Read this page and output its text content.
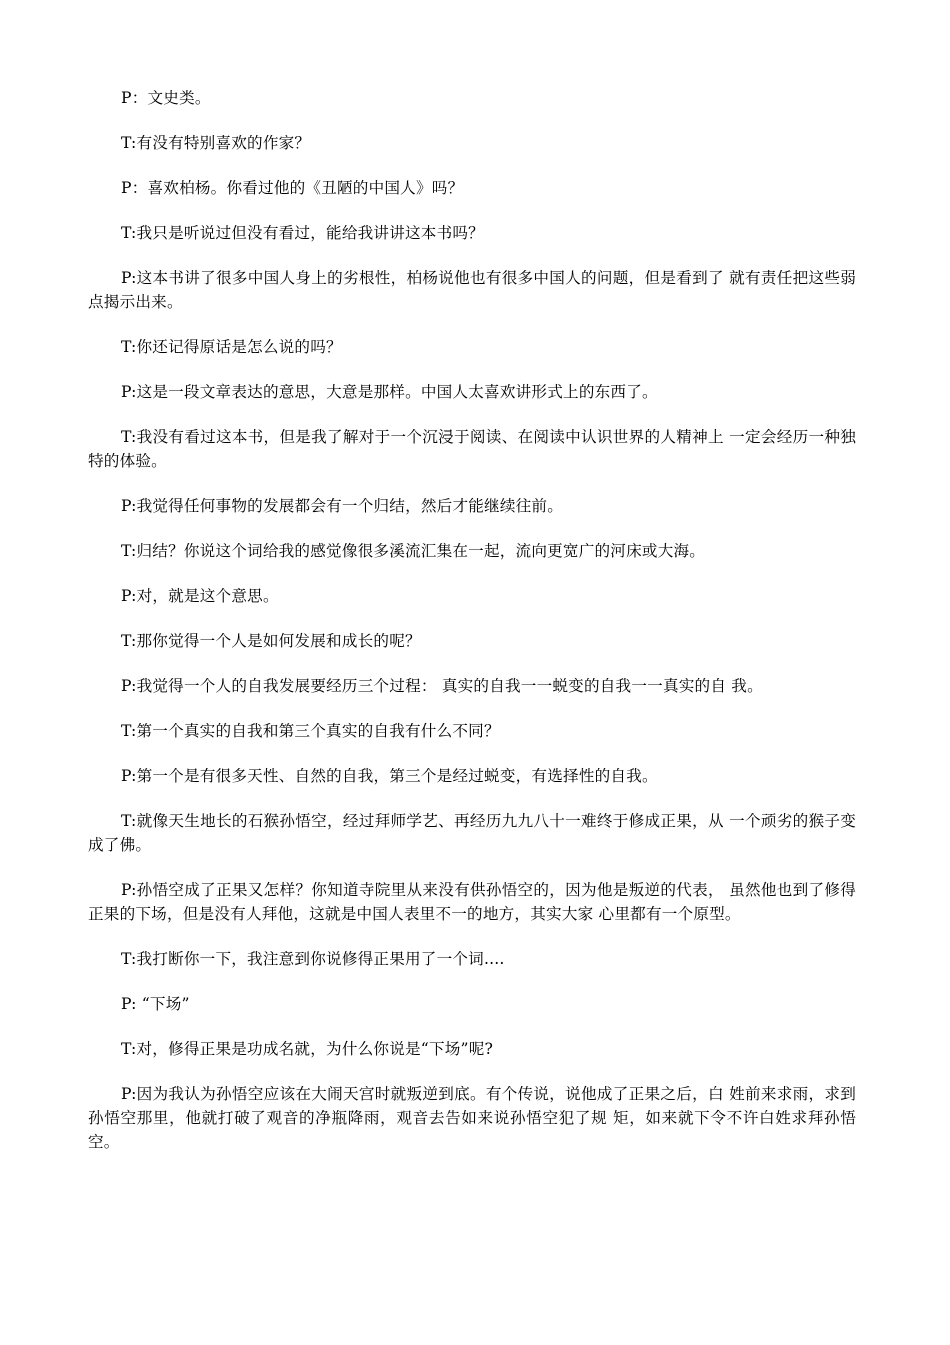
P：文史类。

T:有没有特别喜欢的作家？

P：喜欢柏杨。你看过他的《丑陋的中国人》吗？

T:我只是听说过但没有看过，能给我讲讲这本书吗？

P:这本书讲了很多中国人身上的劣根性，柏杨说他也有很多中国人的问题，但是看到了 就有责任把这些弱点揭示出来。

T:你还记得原话是怎么说的吗？

P:这是一段文章表达的意思，大意是那样。中国人太喜欢讲形式上的东西了。

T:我没有看过这本书，但是我了解对于一个沉浸于阅读、在阅读中认识世界的人精神上 一定会经历一种独特的体验。

P:我觉得任何事物的发展都会有一个归结，然后才能继续往前。

T:归结？你说这个词给我的感觉像很多溪流汇集在一起，流向更宽广的河床或大海。

P:对，就是这个意思。

T:那你觉得一个人是如何发展和成长的呢？

P:我觉得一个人的自我发展要经历三个过程： 真实的自我一一蜕变的自我一一真实的自 我。

T:第一个真实的自我和第三个真实的自我有什么不同？

P:第一个是有很多天性、自然的自我，第三个是经过蜕变，有选择性的自我。

T:就像天生地长的石猴孙悟空，经过拜师学艺、再经历九九八十一难终于修成正果，从 一个顽劣的猴子变成了佛。

P:孙悟空成了正果又怎样？你知道寺院里从来没有供孙悟空的，因为他是叛逆的代表， 虽然他也到了修得正果的下场，但是没有人拜他，这就是中国人表里不一的地方，其实大家 心里都有一个原型。

T:我打断你一下，我注意到你说修得正果用了一个词....

P: “下场”

T:对，修得正果是功成名就，为什么你说是“下场”呢?

P:因为我认为孙悟空应该在大闹天宫时就叛逆到底。有个传说，说他成了正果之后，白 姓前来求雨，求到孙悟空那里，他就打破了观音的净瓶降雨，观音去告如来说孙悟空犯了规 矩，如来就下令不许白姓求拜孙悟空。
